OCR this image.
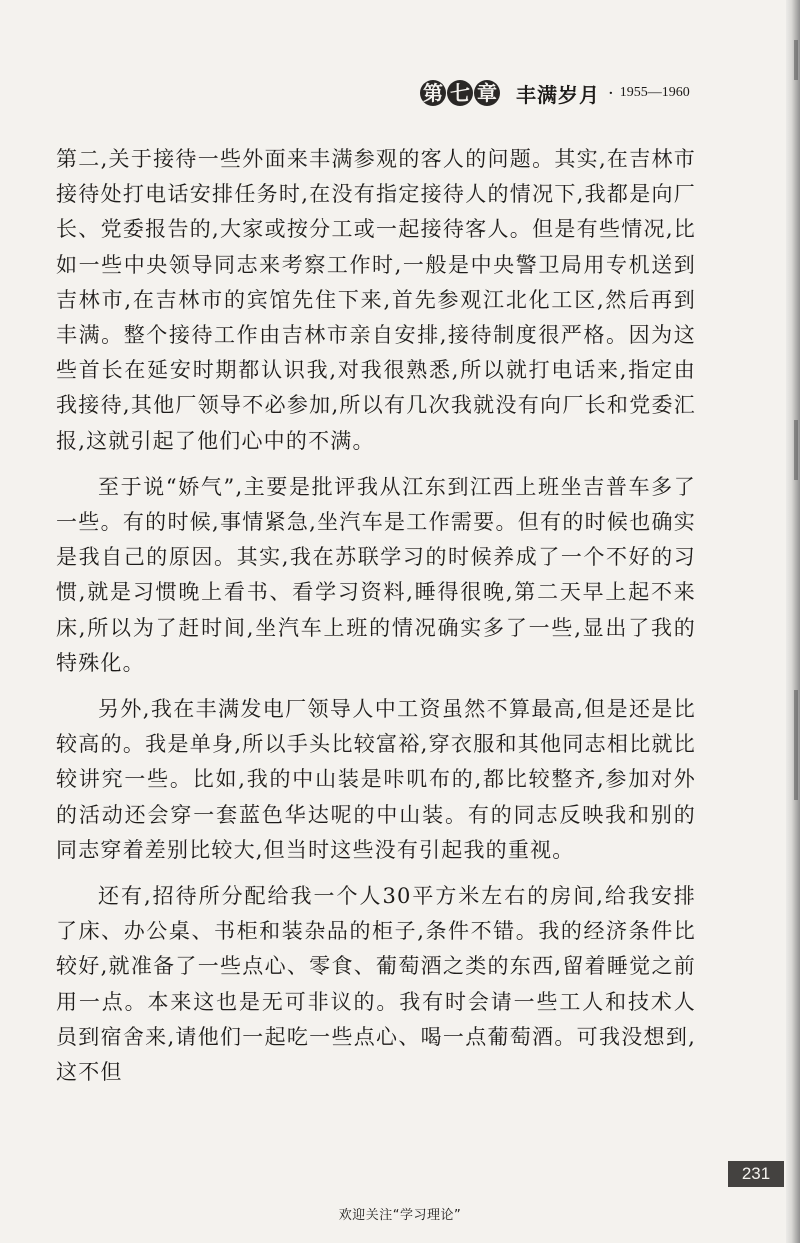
第 七 章 丰满岁月 · 1955—1960

第二,关于接待一些外面来丰满参观的客人的问题。其实,在吉林市接待处打电话安排任务时,在没有指定接待人的情况下,我都是向厂长、党委报告的,大家或按分工或一起接待客人。但是有些情况,比如一些中央领导同志来考察工作时,一般是中央警卫局用专机送到吉林市,在吉林市的宾馆先住下来,首先参观江北化工区,然后再到丰满。整个接待工作由吉林市亲自安排,接待制度很严格。因为这些首长在延安时期都认识我,对我很熟悉,所以就打电话来,指定由我接待,其他厂领导不必参加,所以有几次我就没有向厂长和党委汇报,这就引起了他们心中的不满。

至于说“娇气”,主要是批评我从江东到江西上班坐吉普车多了一些。有的时候,事情紧急,坐汽车是工作需要。但有的时候也确实是我自己的原因。其实,我在苏联学习的时候养成了一个不好的习惯,就是习惯晚上看书、看学习资料,睡得很晚,第二天早上起不来床,所以为了赶时间,坐汽车上班的情况确实多了一些,显出了我的特殊化。

另外,我在丰满发电厂领导人中工资虽然不算最高,但是还是比较高的。我是单身,所以手头比较富裕,穿衣服和其他同志相比就比较讲究一些。比如,我的中山装是咔叽布的,都比较整齐,参加对外的活动还会穿一套蓝色华达呢的中山装。有的同志反映我和别的同志穿着差别比较大,但当时这些没有引起我的重视。

还有,招待所分配给我一个人30平方米左右的房间,给我安排了床、办公桌、书柜和装杂品的柜子,条件不错。我的经济条件比较好,就准备了一些点心、零食、葡萄酒之类的东西,留着睡觉之前用一点。本来这也是无可非议的。我有时会请一些工人和技术人员到宿舍来,请他们一起吃一些点心、喝一点葡萄酒。可我没想到,这不但

231
欢迎关注“学习理论”
